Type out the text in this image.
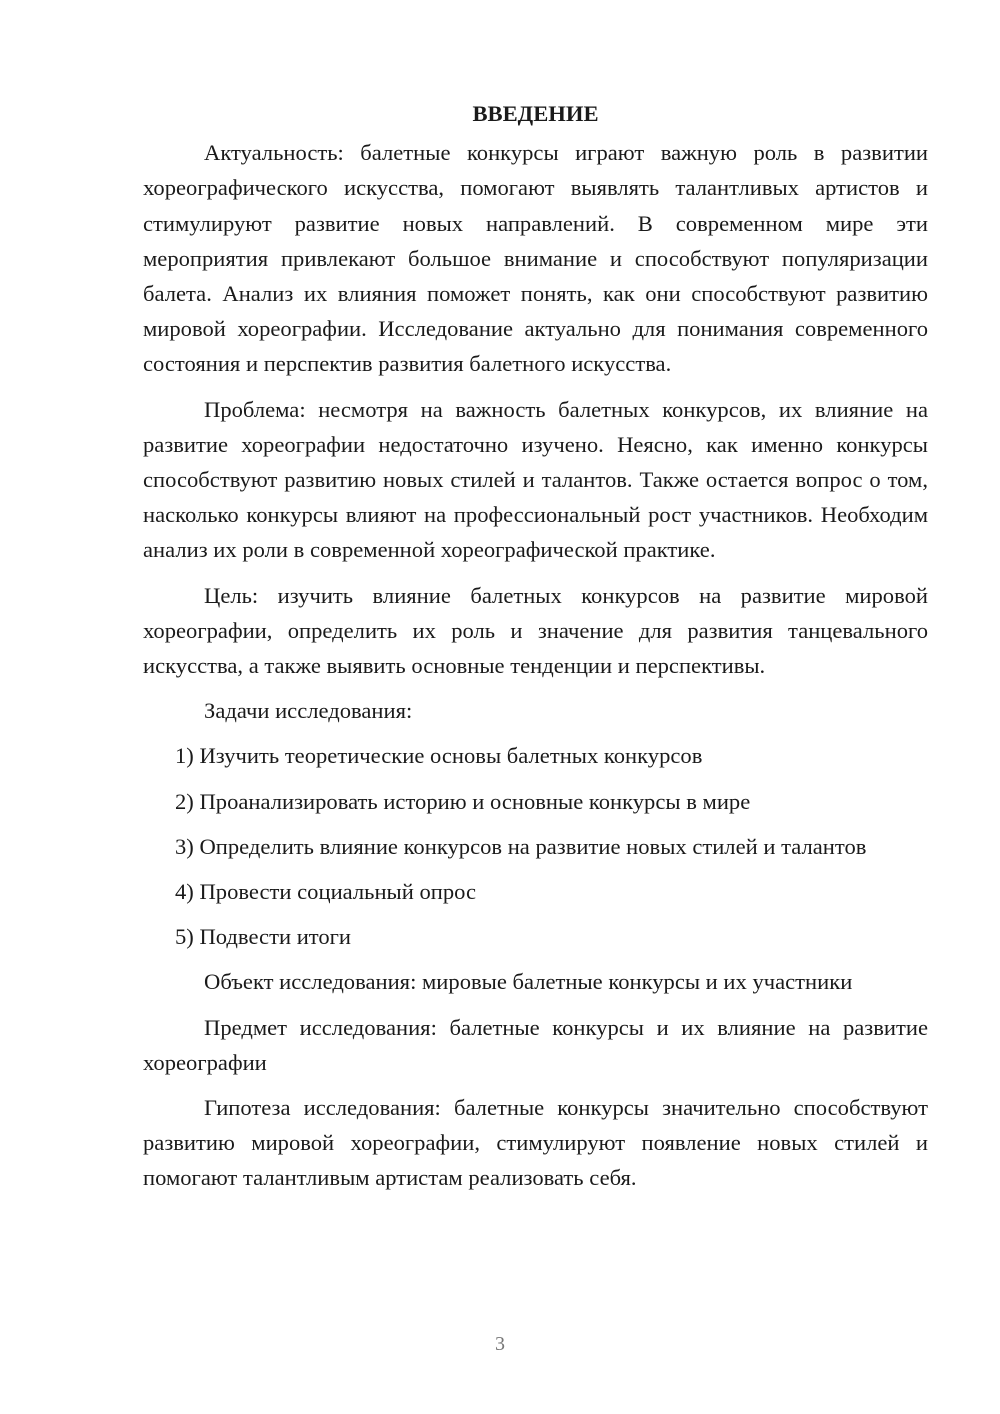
ВВЕДЕНИЕ

Актуальность: балетные конкурсы играют важную роль в развитии хореографического искусства, помогают выявлять талантливых артистов и стимулируют развитие новых направлений. В современном мире эти мероприятия привлекают большое внимание и способствуют популяризации балета. Анализ их влияния поможет понять, как они способствуют развитию мировой хореографии. Исследование актуально для понимания современного состояния и перспектив развития балетного искусства.

Проблема: несмотря на важность балетных конкурсов, их влияние на развитие хореографии недостаточно изучено. Неясно, как именно конкурсы способствуют развитию новых стилей и талантов. Также остается вопрос о том, насколько конкурсы влияют на профессиональный рост участников. Необходим анализ их роли в современной хореографической практике.

Цель: изучить влияние балетных конкурсов на развитие мировой хореографии, определить их роль и значение для развития танцевального искусства, а также выявить основные тенденции и перспективы.

Задачи исследования:

1) Изучить теоретические основы балетных конкурсов

2) Проанализировать историю и основные конкурсы в мире

3) Определить влияние конкурсов на развитие новых стилей и талантов

4) Провести социальный опрос

5) Подвести итоги

Объект исследования: мировые балетные конкурсы и их участники

Предмет исследования: балетные конкурсы и их влияние на развитие хореографии

Гипотеза исследования: балетные конкурсы значительно способствуют развитию мировой хореографии, стимулируют появление новых стилей и помогают талантливым артистам реализовать себя.

3
